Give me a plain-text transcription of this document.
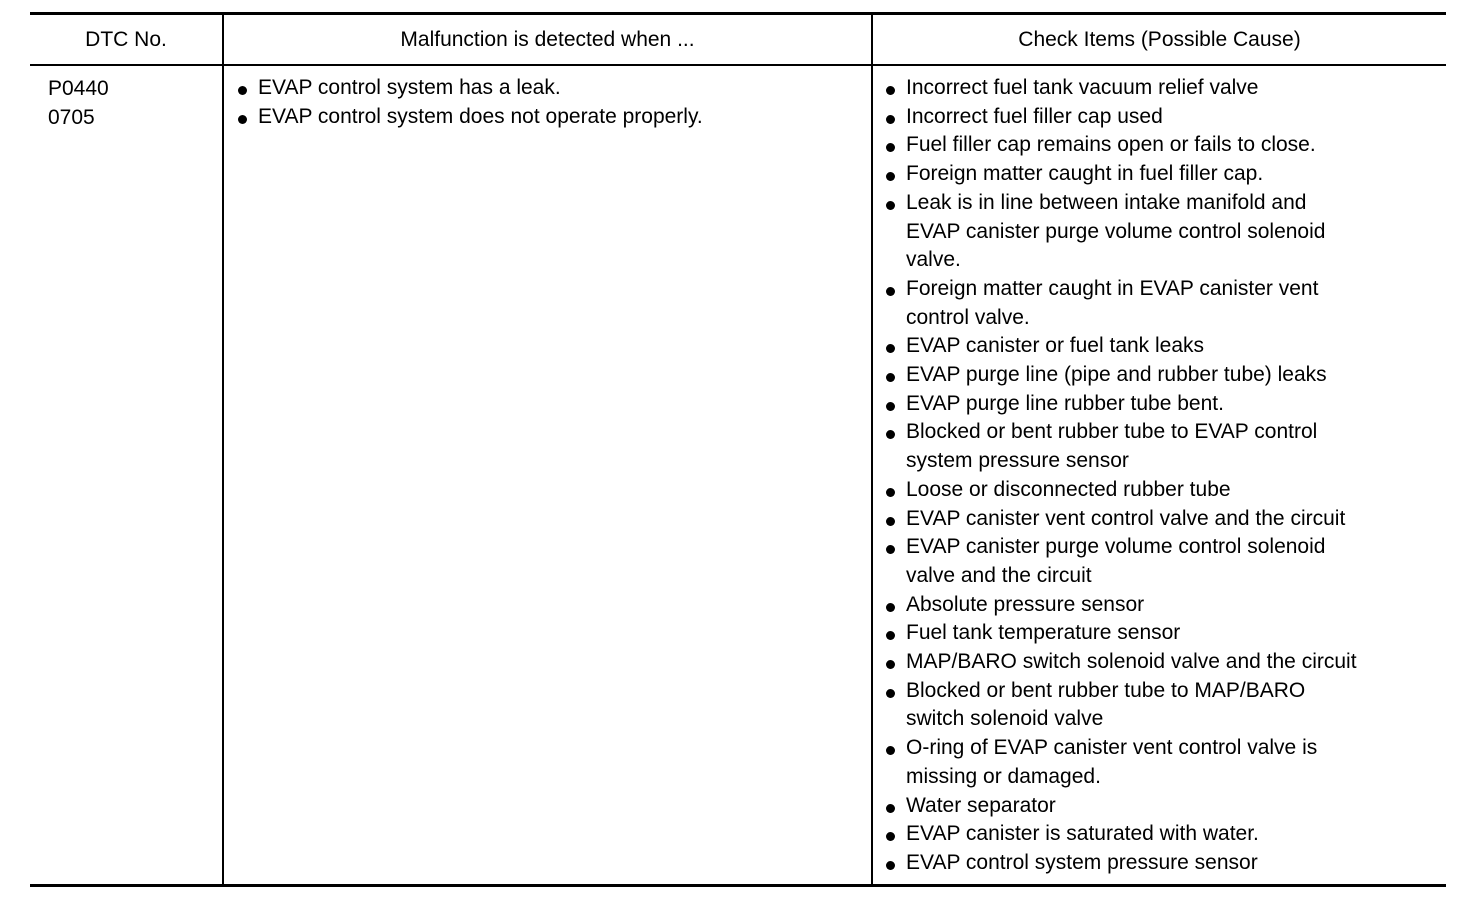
DTC No.	Malfunction is detected when ...	Check Items (Possible Cause)
P0440
0705
EVAP control system has a leak.
EVAP control system does not operate properly.
Incorrect fuel tank vacuum relief valve
Incorrect fuel filler cap used
Fuel filler cap remains open or fails to close.
Foreign matter caught in fuel filler cap.
Leak is in line between intake manifold and
EVAP canister purge volume control solenoid
valve.
Foreign matter caught in EVAP canister vent
control valve.
EVAP canister or fuel tank leaks
EVAP purge line (pipe and rubber tube) leaks
EVAP purge line rubber tube bent.
Blocked or bent rubber tube to EVAP control
system pressure sensor
Loose or disconnected rubber tube
EVAP canister vent control valve and the circuit
EVAP canister purge volume control solenoid
valve and the circuit
Absolute pressure sensor
Fuel tank temperature sensor
MAP/BARO switch solenoid valve and the circuit
Blocked or bent rubber tube to MAP/BARO
switch solenoid valve
O-ring of EVAP canister vent control valve is
missing or damaged.
Water separator
EVAP canister is saturated with water.
EVAP control system pressure sensor
